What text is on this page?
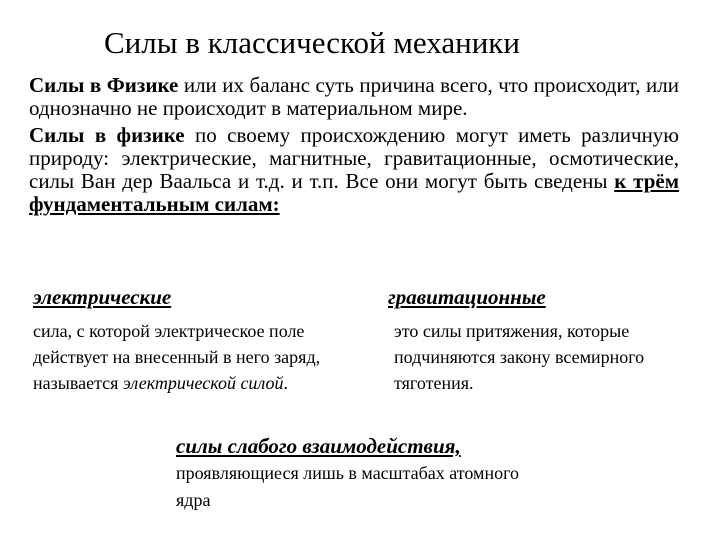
Силы в классической механики

Силы в Физике или их баланс суть причина всего, что происходит, или однозначно не происходит в материальном мире.

Силы в физике по своему происхождению могут иметь различную природу: электрические, магнитные, гравитационные, осмотические, силы Ван дер Ваальса и т.д. и т.п. Все они могут быть сведены к трём фундаментальным силам:

электрические
сила, с которой электрическое поле действует на внесенный в него заряд, называется электрической силой.
гравитационные
это силы притяжения, которые подчиняются закону всемирного тяготения.
силы слабого взаимодействия,
проявляющиеся лишь в масштабах атомного ядра
